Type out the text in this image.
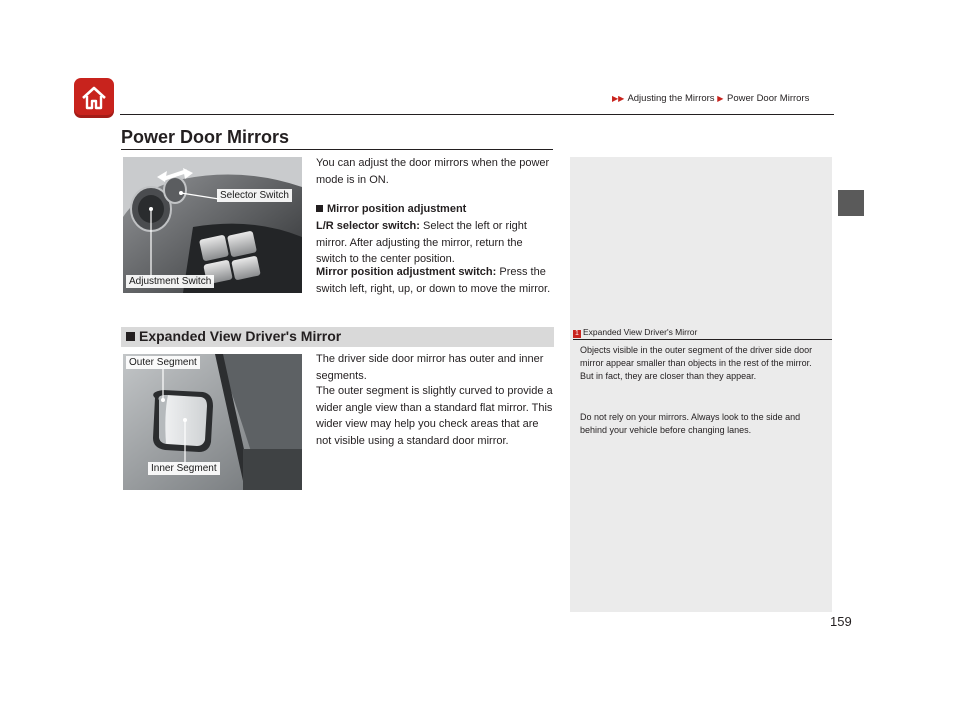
▶▶ Adjusting the Mirrors ▶ Power Door Mirrors
159
Power Door Mirrors
Selector Switch
Adjustment Switch
You can adjust the door mirrors when the power mode is in ON.
Mirror position adjustment
L/R selector switch: Select the left or right mirror. After adjusting the mirror, return the switch to the center position.
Mirror position adjustment switch: Press the switch left, right, up, or down to move the mirror.
Expanded View Driver's Mirror
Outer Segment
Inner Segment
The driver side door mirror has outer and inner segments.
The outer segment is slightly curved to provide a wider angle view than a standard flat mirror. This wider view may help you check areas that are not visible using a standard door mirror.
1 Expanded View Driver's Mirror
Objects visible in the outer segment of the driver side door mirror appear smaller than objects in the rest of the mirror. But in fact, they are closer than they appear.
Do not rely on your mirrors. Always look to the side and behind your vehicle before changing lanes.
